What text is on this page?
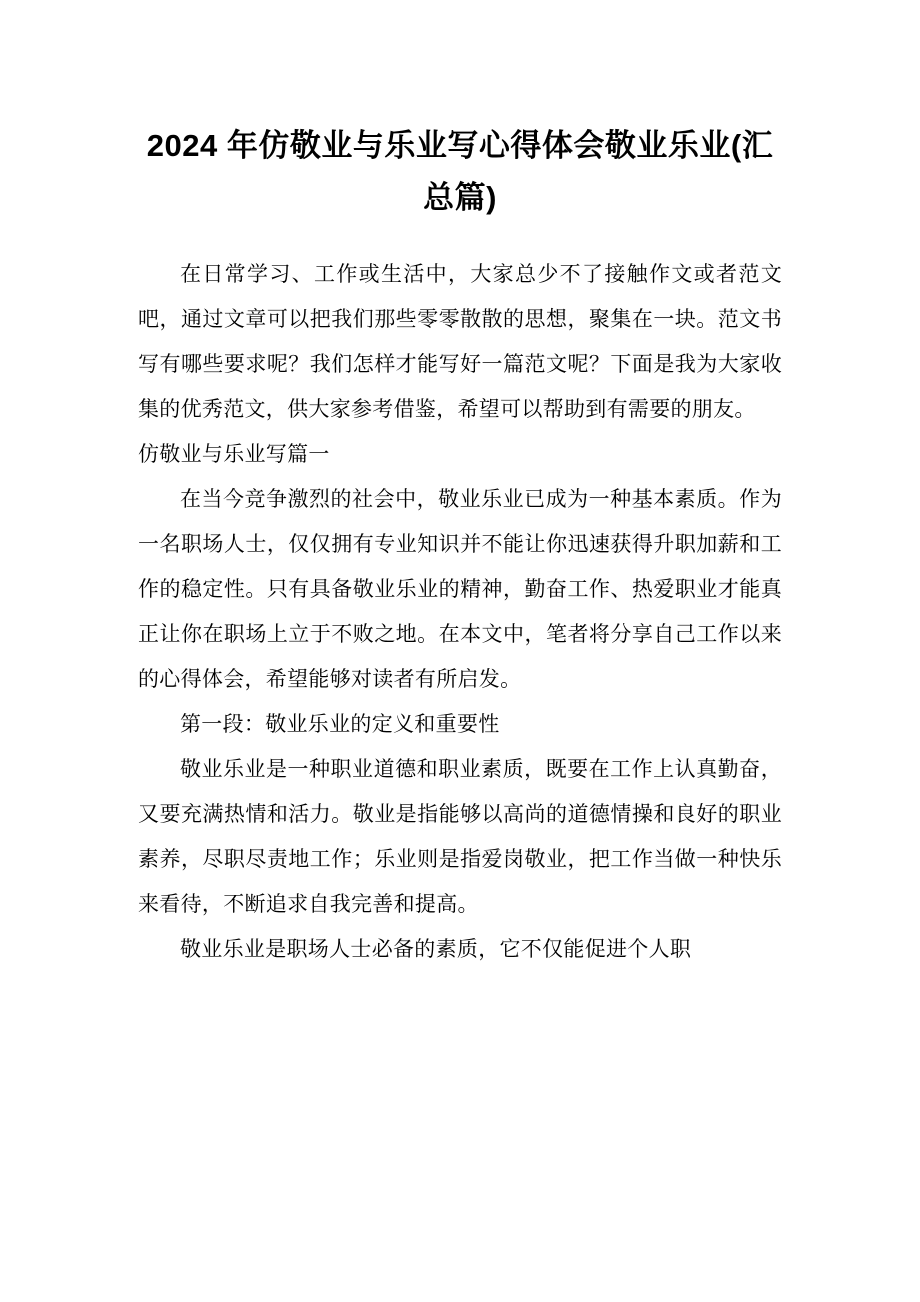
2024 年仿敬业与乐业写心得体会敬业乐业(汇总篇)

在日常学习、工作或生活中，大家总少不了接触作文或者范文吧，通过文章可以把我们那些零零散散的思想，聚集在一块。范文书写有哪些要求呢？我们怎样才能写好一篇范文呢？下面是我为大家收集的优秀范文，供大家参考借鉴，希望可以帮助到有需要的朋友。

仿敬业与乐业写篇一

在当今竞争激烈的社会中，敬业乐业已成为一种基本素质。作为一名职场人士，仅仅拥有专业知识并不能让你迅速获得升职加薪和工作的稳定性。只有具备敬业乐业的精神，勤奋工作、热爱职业才能真正让你在职场上立于不败之地。在本文中，笔者将分享自己工作以来的心得体会，希望能够对读者有所启发。

第一段：敬业乐业的定义和重要性

敬业乐业是一种职业道德和职业素质，既要在工作上认真勤奋，又要充满热情和活力。敬业是指能够以高尚的道德情操和良好的职业素养，尽职尽责地工作；乐业则是指爱岗敬业，把工作当做一种快乐来看待，不断追求自我完善和提高。

敬业乐业是职场人士必备的素质，它不仅能促进个人职
